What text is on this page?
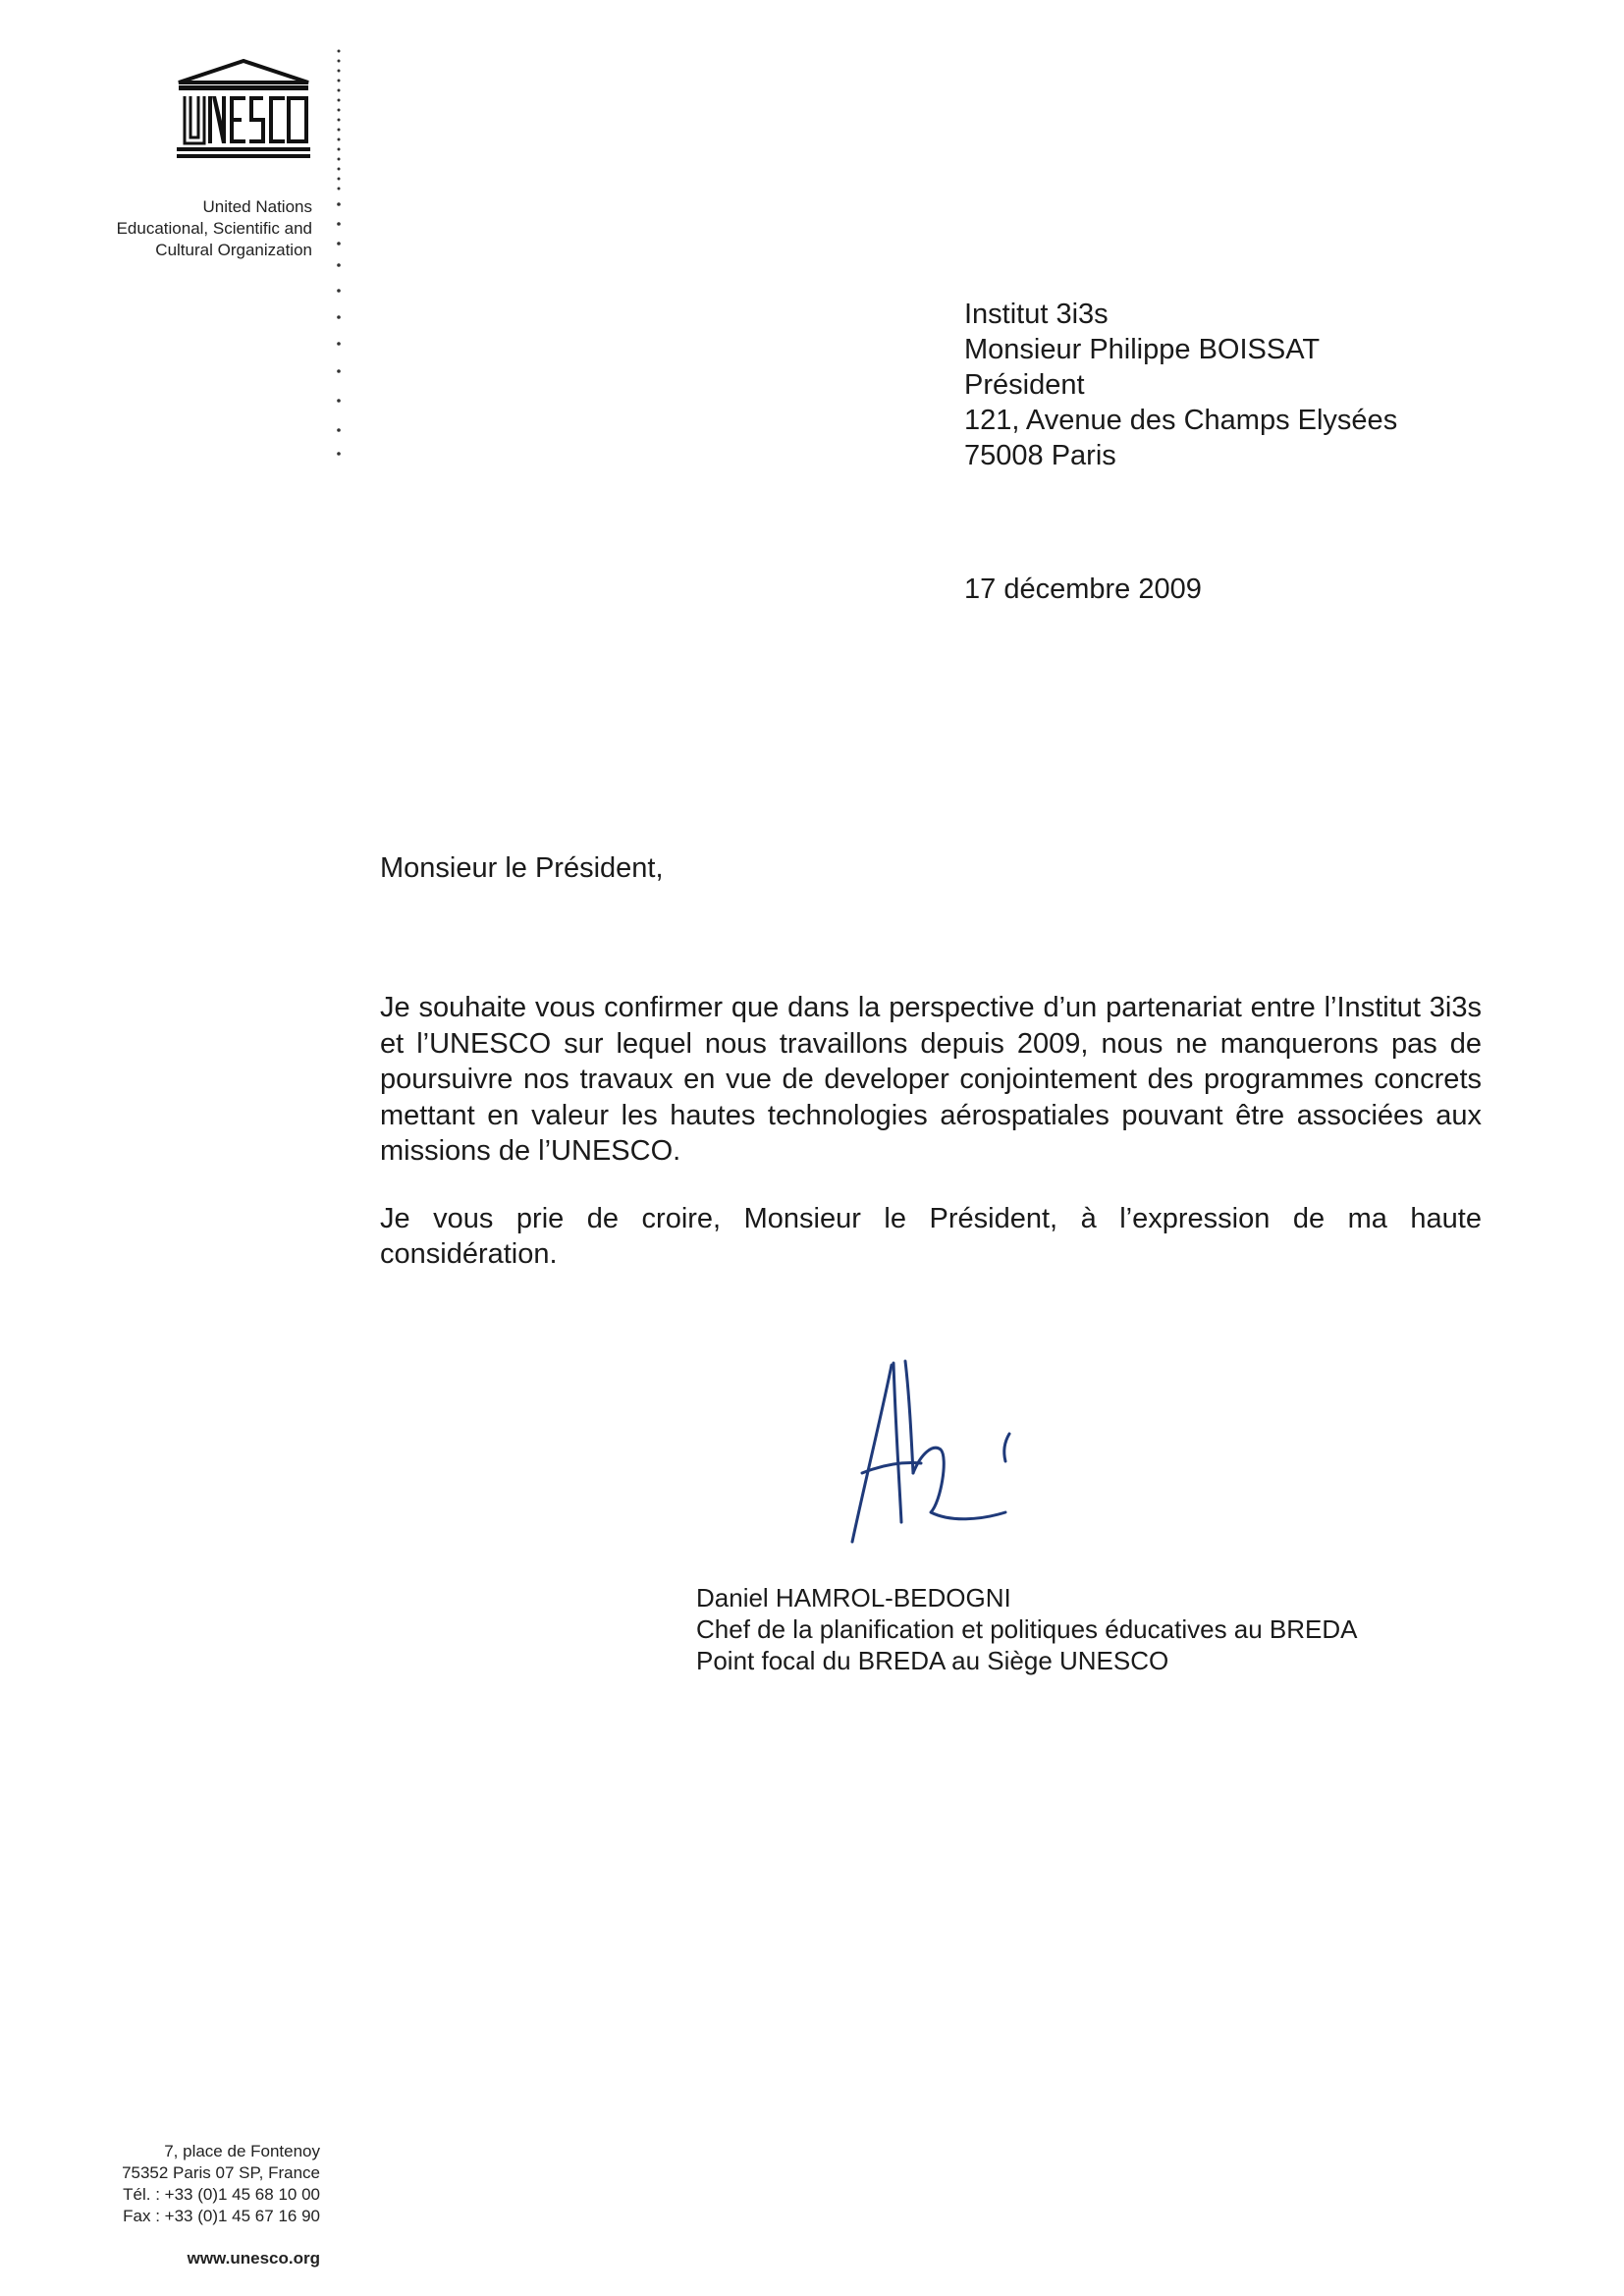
UNESCO
United Nations
Educational, Scientific and
Cultural Organization
Institut 3i3s
Monsieur Philippe BOISSAT
Président
121, Avenue des Champs Elysées
75008 Paris
17 décembre 2009
Monsieur le Président,

Je souhaite vous confirmer que dans la perspective d’un partenariat entre l’Institut 3i3s et l’UNESCO sur lequel nous travaillons depuis 2009, nous ne manquerons pas de poursuivre nos travaux en vue de developer conjointement des programmes concrets mettant en valeur les hautes technologies aérospatiales pouvant être associées aux missions de l’UNESCO.

Je vous prie de croire, Monsieur le Président, à l’expression de ma haute considération.

Daniel HAMROL-BEDOGNI
Chef de la planification et politiques éducatives au BREDA
Point focal du BREDA au Siège UNESCO
7, place de Fontenoy
75352 Paris 07 SP, France
Tél. : +33 (0)1 45 68 10 00
Fax : +33 (0)1 45 67 16 90
www.unesco.org
